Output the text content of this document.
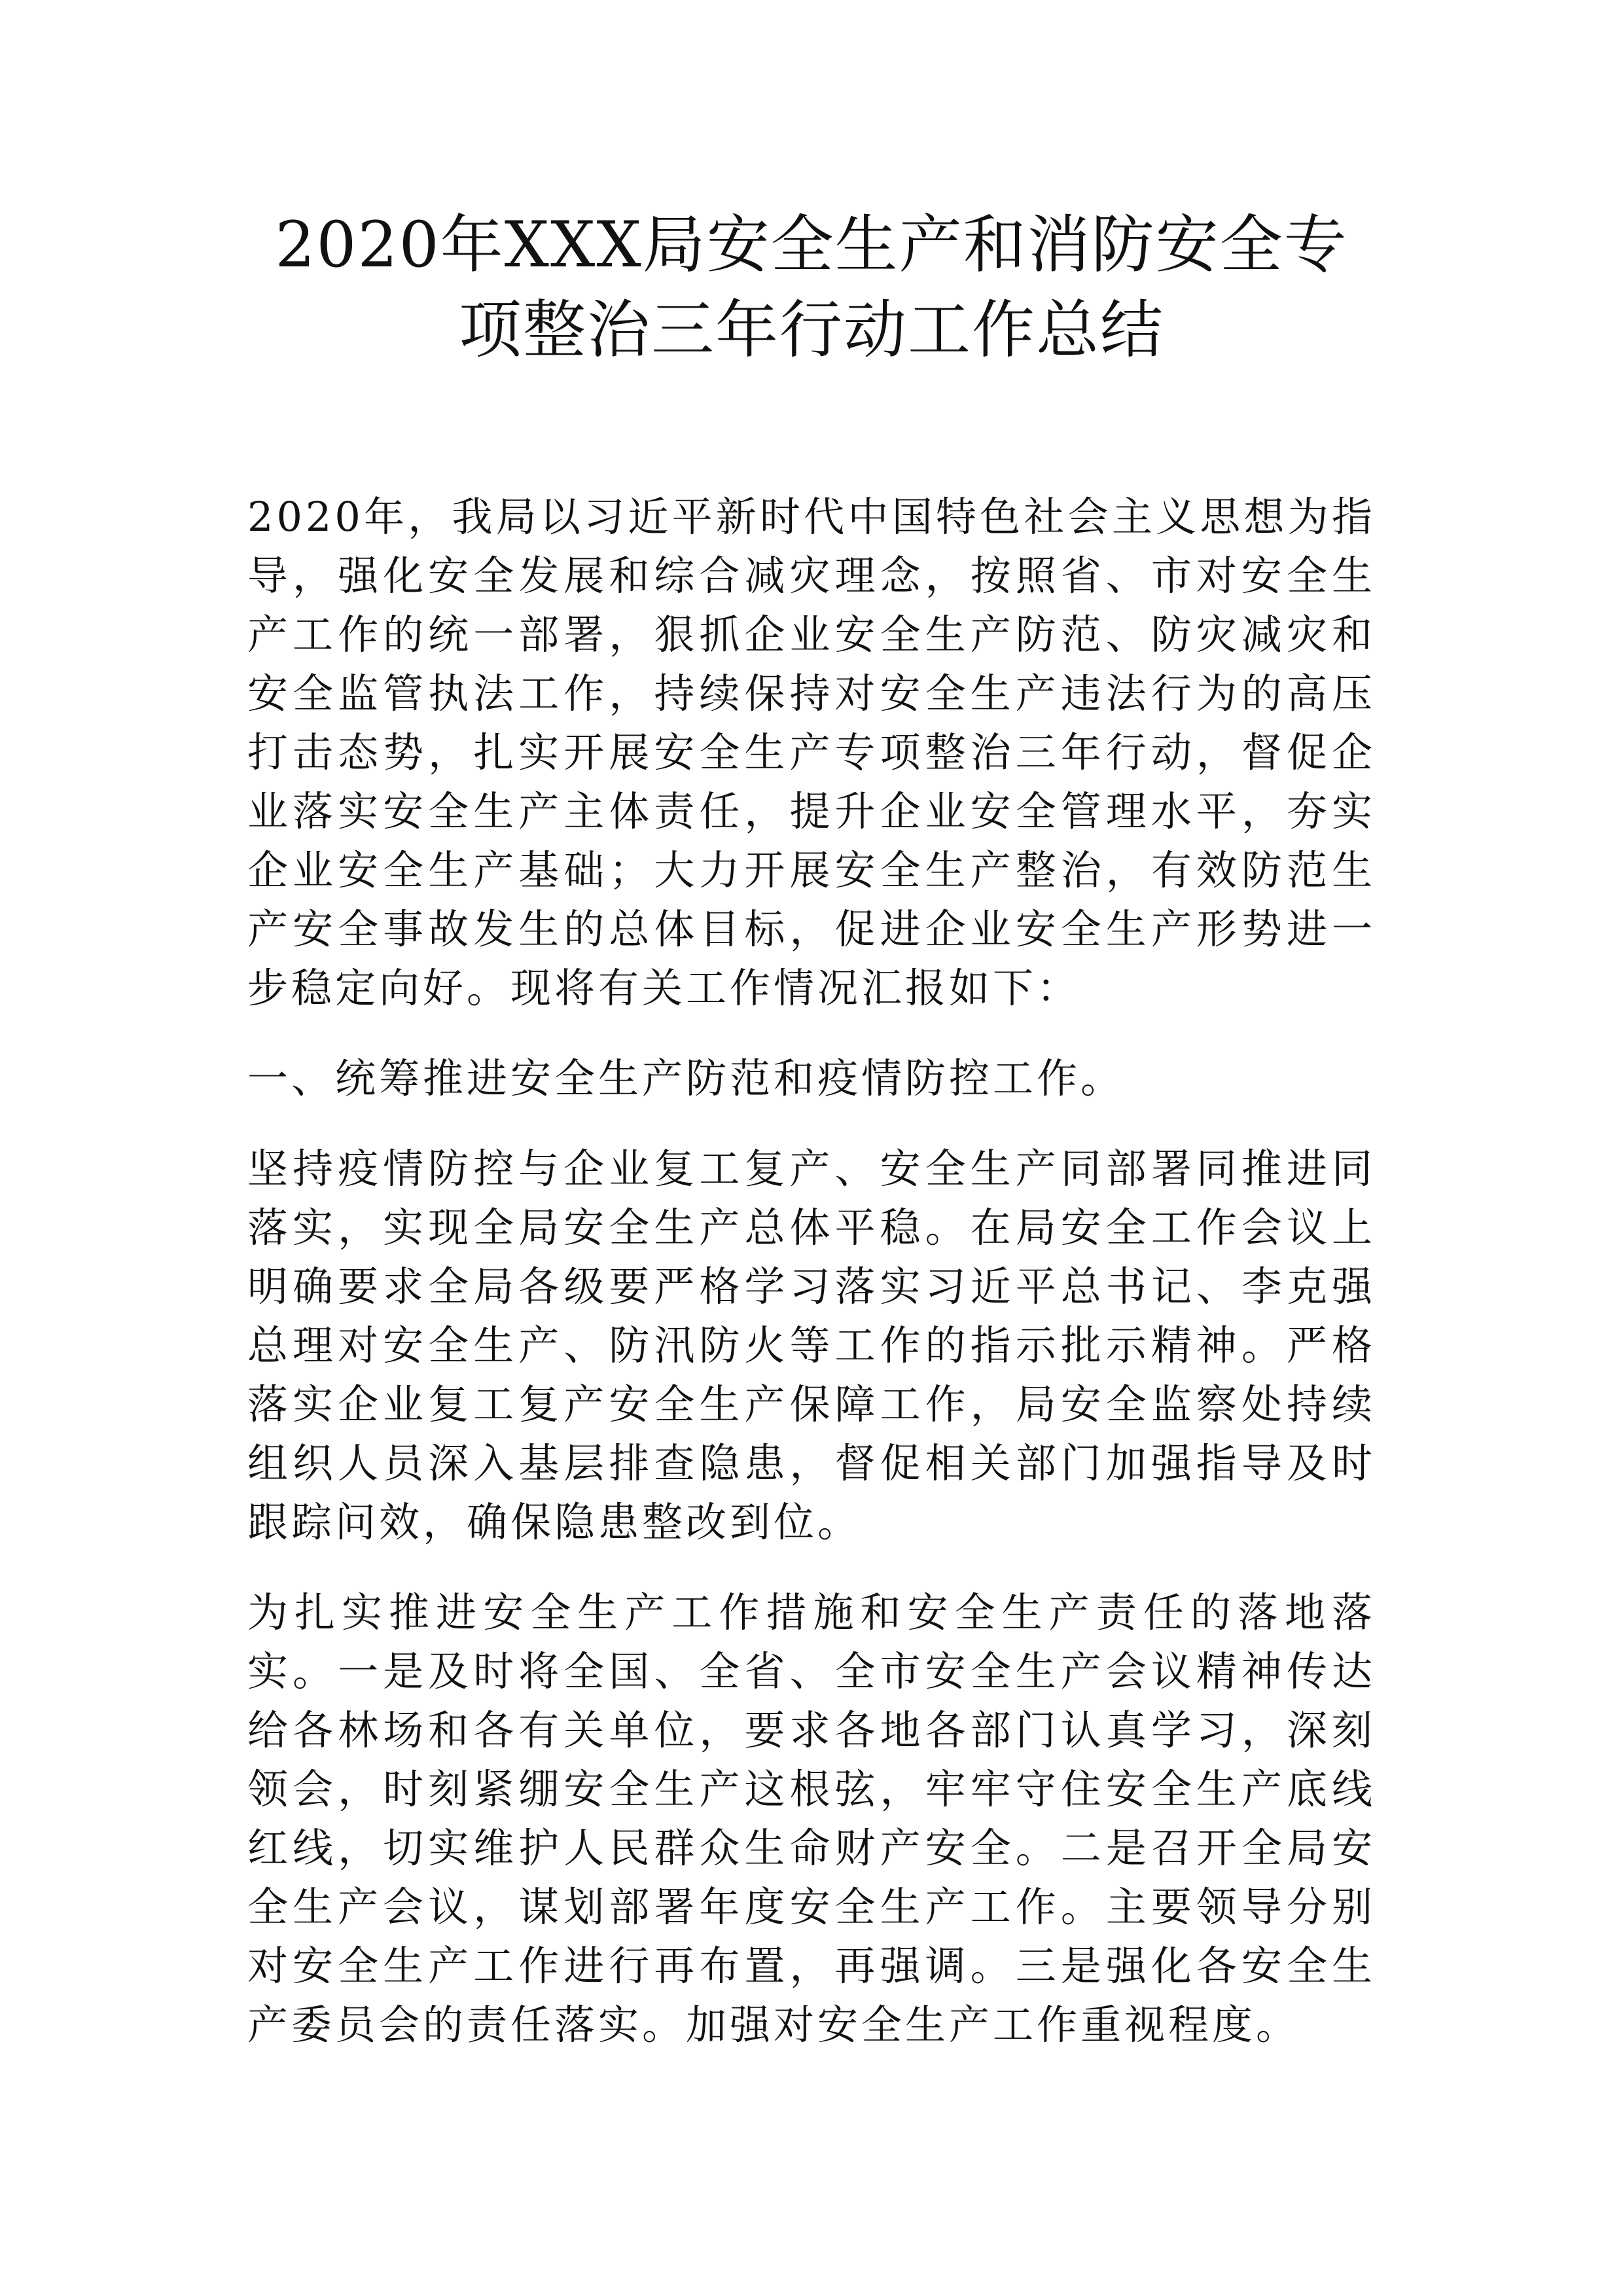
2020年XXX局安全生产和消防安全专
项整治三年行动工作总结

2020年，我局以习近平新时代中国特色社会主义思想为指导，强化安全发展和综合减灾理念，按照省、市对安全生产工作的统一部署，狠抓企业安全生产防范、防灾减灾和安全监管执法工作，持续保持对安全生产违法行为的高压打击态势，扎实开展安全生产专项整治三年行动，督促企业落实安全生产主体责任，提升企业安全管理水平，夯实企业安全生产基础；大力开展安全生产整治，有效防范生产安全事故发生的总体目标，促进企业安全生产形势进一步稳定向好。现将有关工作情况汇报如下：

一、统筹推进安全生产防范和疫情防控工作。

坚持疫情防控与企业复工复产、安全生产同部署同推进同落实，实现全局安全生产总体平稳。在局安全工作会议上明确要求全局各级要严格学习落实习近平总书记、李克强总理对安全生产、防汛防火等工作的指示批示精神。严格落实企业复工复产安全生产保障工作，局安全监察处持续组织人员深入基层排查隐患，督促相关部门加强指导及时跟踪问效，确保隐患整改到位。

为扎实推进安全生产工作措施和安全生产责任的落地落实。一是及时将全国、全省、全市安全生产会议精神传达给各林场和各有关单位，要求各地各部门认真学习，深刻领会，时刻紧绷安全生产这根弦，牢牢守住安全生产底线红线，切实维护人民群众生命财产安全。二是召开全局安全生产会议，谋划部署年度安全生产工作。主要领导分别对安全生产工作进行再布置，再强调。三是强化各安全生产委员会的责任落实。加强对安全生产工作重视程度。
